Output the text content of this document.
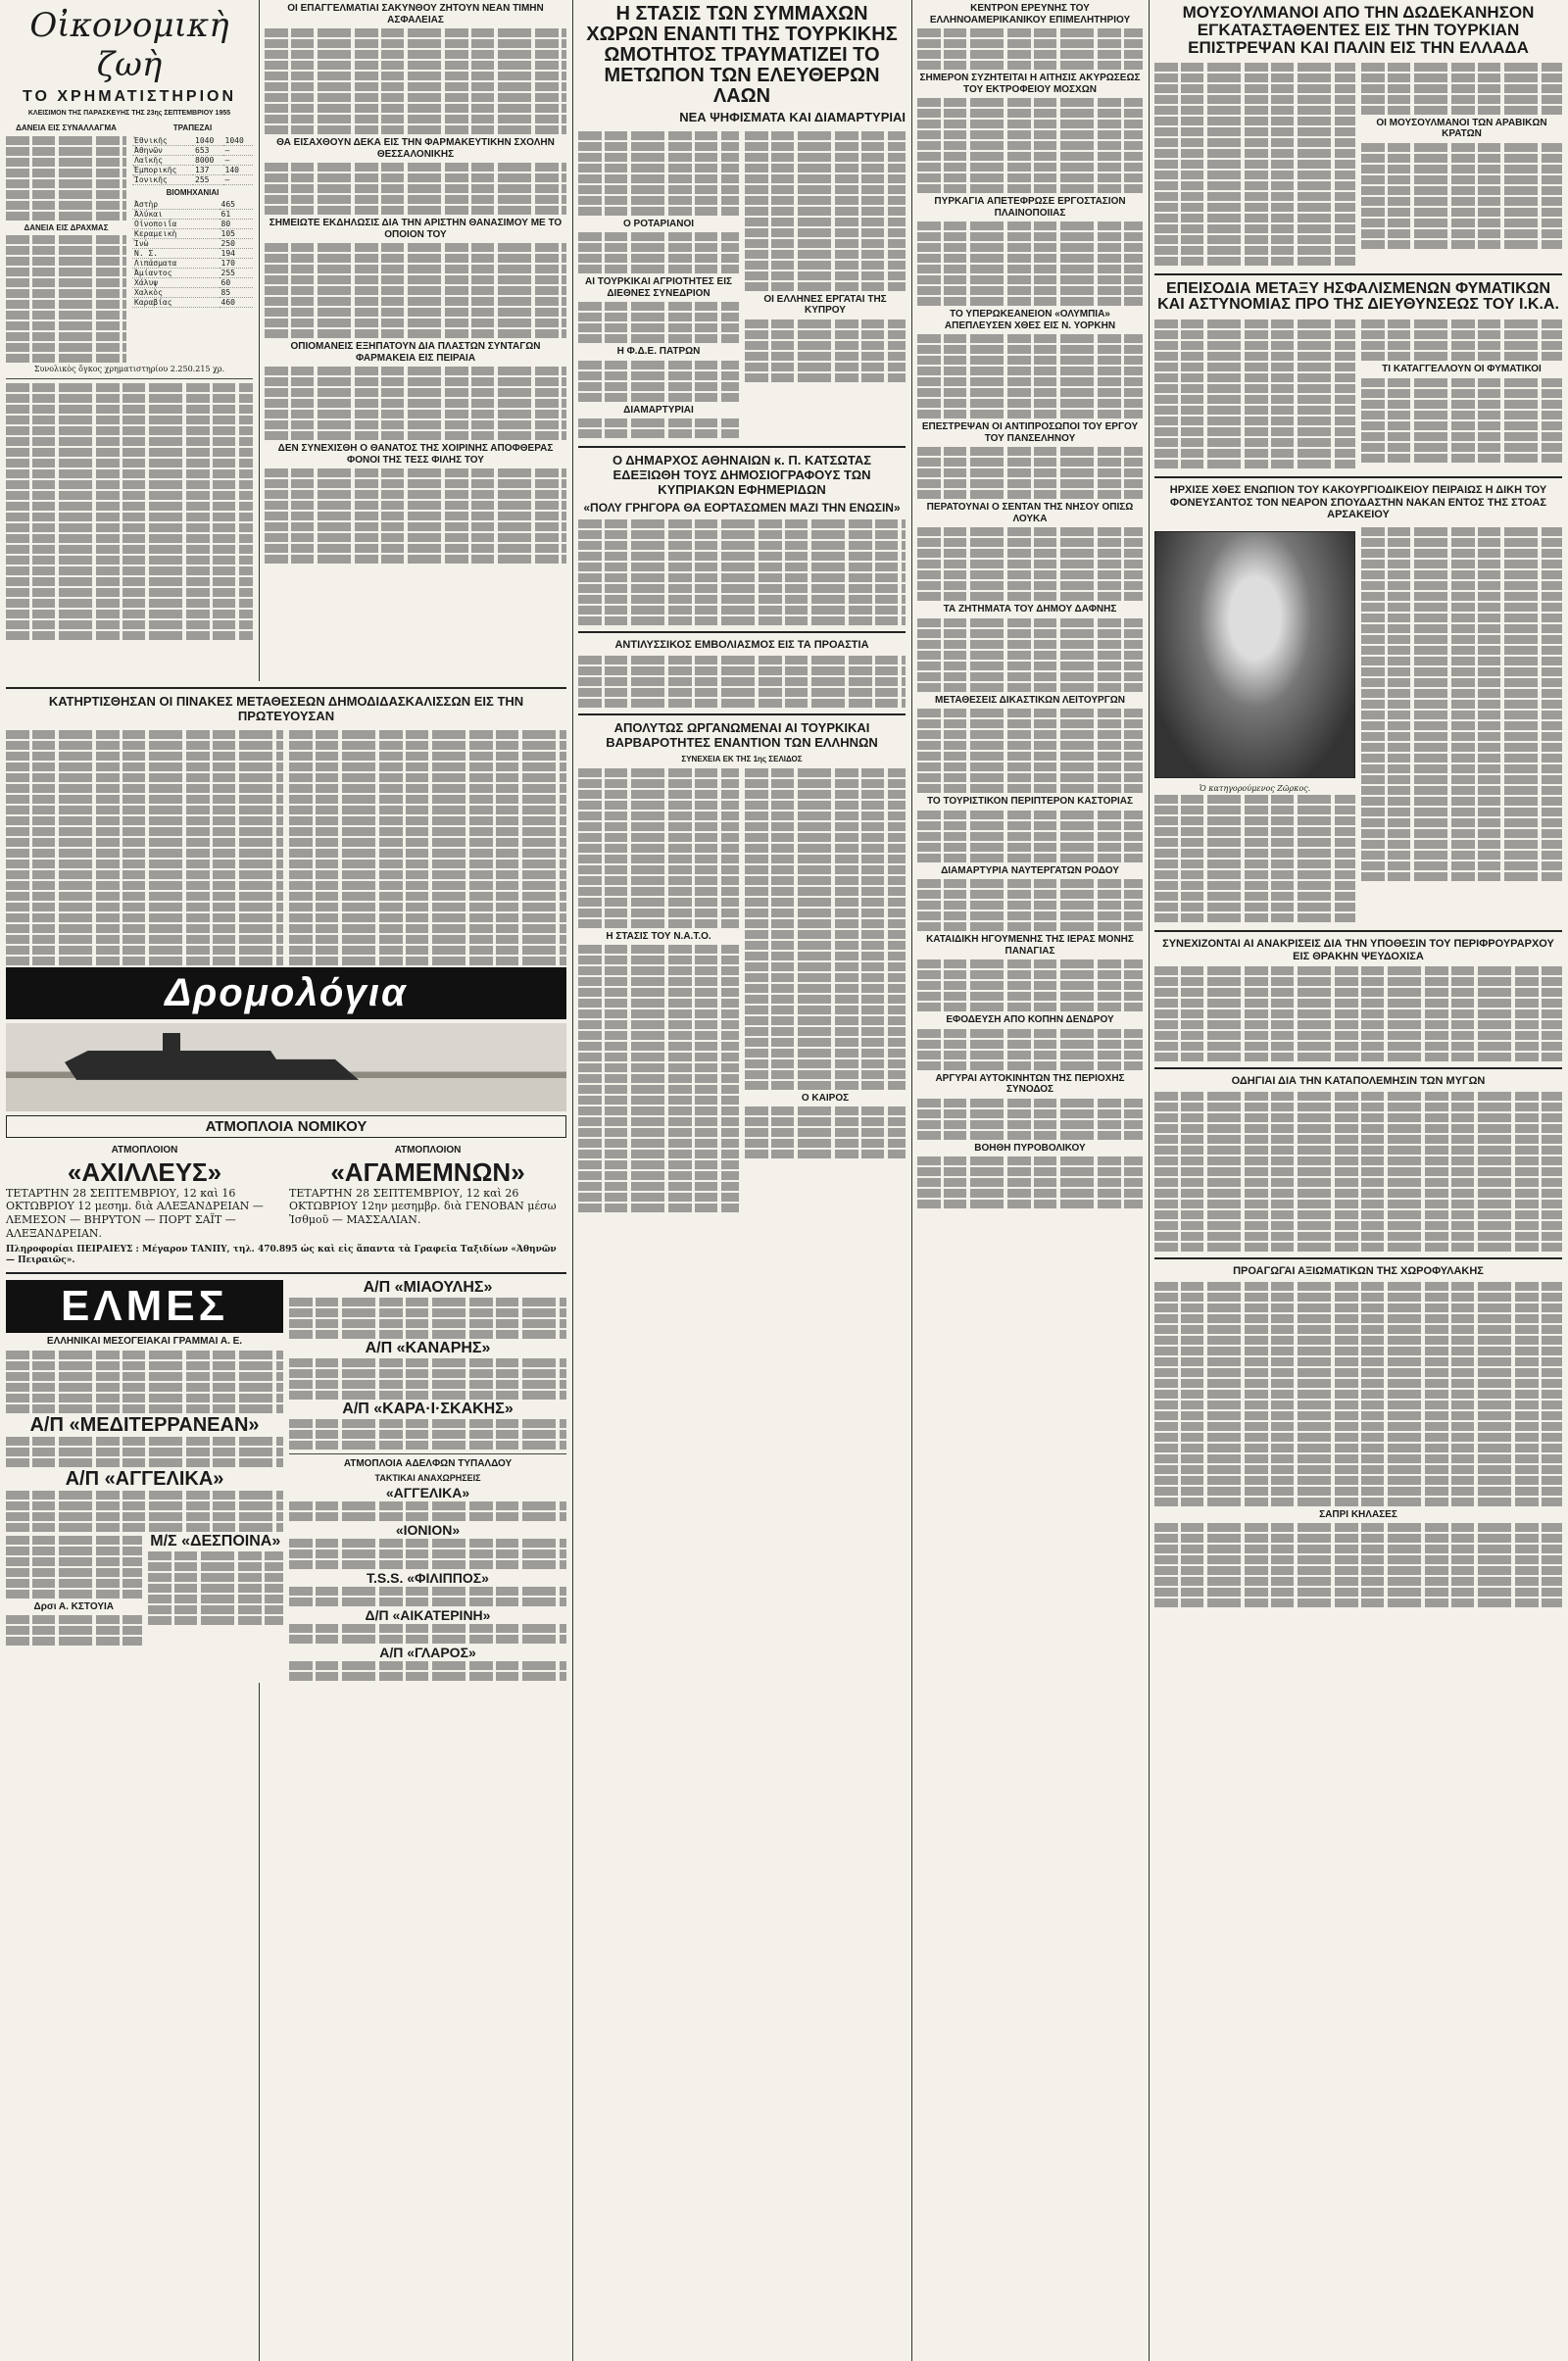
Οἰκονομικὴ ζωὴ
ΤΟ ΧΡΗΜΑΤΙΣΤΗΡΙΟΝ
ΚΛΕΙΣΙΜΟΝ ΤΗΣ ΠΑΡΑΣΚΕΥΗΣ ΤΗΣ 23ης ΣΕΠΤΕΜΒΡΙΟΥ 1955
ΔΑΝΕΙΑ ΕΙΣ ΣΥΝΑΛΛΑΓΜΑ
ΔΑΝΕΙΑ ΕΙΣ ΔΡΑΧΜΑΣ
ΤΡΑΠΕΖΑΙ
Ἐθνικῆς	1040	1040
Ἀθηνῶν	653	—
Λαϊκῆς	8000	—
Ἐμπορικῆς	137	140
Ἰονικῆς	255	—
ΒΙΟΜΗΧΑΝΙΑΙ
Ἀστὴρ	465
Ἀλύκαι	61
Οἰνοποιΐα	80
Κεραμεικὴ	105
Ἰνὼ	250
Ν. Σ.	194
Λιπάσματα	170
Ἀμίαντος	255
Χάλυψ	60
Χαλκὸς	85
Καραβίας	460
Συνολικὸς ὄγκος χρηματιστηρίου 2.250.215 χρ.
ΟΙ ΕΠΑΓΓΕΛΜΑΤΙΑΙ ΣΑΚΥΝΘΟΥ ΖΗΤΟΥΝ ΝΕΑΝ ΤΙΜΗΝ ΑΣΦΑΛΕΙΑΣ
ΘΑ ΕΙΣΑΧΘΟΥΝ ΔΕΚΑ ΕΙΣ ΤΗΝ ΦΑΡΜΑΚΕΥΤΙΚΗΝ ΣΧΟΛΗΝ ΘΕΣΣΑΛΟΝΙΚΗΣ
ΣΗΜΕΙΩΤΕ ΕΚΔΗΛΩΣΙΣ ΔΙΑ ΤΗΝ ΑΡΙΣΤΗΝ ΘΑΝΑΣΙΜΟΥ ΜΕ ΤΟ ΟΠΟΙΟΝ ΤΟΥ
ΟΠΙΟΜΑΝΕΙΣ ΕΞΗΠΑΤΟΥΝ ΔΙΑ ΠΛΑΣΤΩΝ ΣΥΝΤΑΓΩΝ ΦΑΡΜΑΚΕΙΑ ΕΙΣ ΠΕΙΡΑΙΑ
ΔΕΝ ΣΥΝΕΧΙΣΘΗ Ο ΘΑΝΑΤΟΣ ΤΗΣ ΧΟΙΡΙΝΗΣ ΑΠΟΦΘΕΡΑΣ ΦΟΝΟΙ ΤΗΣ ΤΕΣΣ ΦΙΛΗΣ ΤΟΥ
ΚΑΤΗΡΤΙΣΘΗΣΑΝ ΟΙ ΠΙΝΑΚΕΣ ΜΕΤΑΘΕΣΕΩΝ ΔΗΜΟΔΙΔΑΣΚΑΛΙΣΣΩΝ ΕΙΣ ΤΗΝ ΠΡΩΤΕΥΟΥΣΑΝ
Δρομολόγια
ΑΤΜΟΠΛΟΙΑ ΝΟΜΙΚΟΥ
ΑΤΜΟΠΛΟΙΟΝ
«ΑΧΙΛΛΕΥΣ»
ΤΕΤΑΡΤΗΝ 28 ΣΕΠΤΕΜΒΡΙΟΥ, 12 καὶ 16 ΟΚΤΩΒΡΙΟΥ 12 μεσημ. διὰ ΑΛΕΞΑΝΔΡΕΙΑΝ — ΛΕΜΕΣΟΝ — ΒΗΡΥΤΟΝ — ΠΟΡΤ ΣΑΪΤ — ΑΛΕΞΑΝΔΡΕΙΑΝ.
ΑΤΜΟΠΛΟΙΟΝ
«ΑΓΑΜΕΜΝΩΝ»
ΤΕΤΑΡΤΗΝ 28 ΣΕΠΤΕΜΒΡΙΟΥ, 12 καὶ 26 ΟΚΤΩΒΡΙΟΥ 12ην μεσημβρ. διὰ ΓΕΝΟΒΑΝ μέσω Ἰσθμοῦ — ΜΑΣΣΑΛΙΑΝ.
Πληροφορίαι ΠΕΙΡΑΙΕΥΣ : Μέγαρον ΤΑΝΠΥ, τηλ. 470.895 ὡς καὶ εἰς ἅπαντα τὰ Γραφεῖα Ταξιδίων «Ἀθηνῶν — Πειραιῶς».
ΕΛΜΕΣ
ΕΛΛΗΝΙΚΑΙ ΜΕΣΟΓΕΙΑΚΑΙ ΓΡΑΜΜΑΙ Α. Ε.
Α/Π «ΜΕΔΙΤΕΡΡΑΝΕΑΝ»
Α/Π «ΑΓΓΕΛΙΚΑ»
Δρσι Α. ΚΣΤΟΥΙΑ
Μ/Σ «ΔΕΣΠΟΙΝΑ»
Α/Π «ΜΙΑΟΥΛΗΣ»
Α/Π «ΚΑΝΑΡΗΣ»
Α/Π «ΚΑΡΑ·Ι·ΣΚΑΚΗΣ»
ΑΤΜΟΠΛΟΙΑ ΑΔΕΛΦΩΝ ΤΥΠΑΛΔΟΥ
ΤΑΚΤΙΚΑΙ ΑΝΑΧΩΡΗΣΕΙΣ
«ΑΓΓΕΛΙΚΑ»
«ΙΟΝΙΟΝ»
T.S.S. «ΦΙΛΙΠΠΟΣ»
Δ/Π «ΑΙΚΑΤΕΡΙΝΗ»
Α/Π «ΓΛΑΡΟΣ»
Η ΣΤΑΣΙΣ ΤΩΝ ΣΥΜΜΑΧΩΝ ΧΩΡΩΝ ΕΝΑΝΤΙ ΤΗΣ ΤΟΥΡΚΙΚΗΣ ΩΜΟΤΗΤΟΣ ΤΡΑΥΜΑΤΙΖΕΙ ΤΟ ΜΕΤΩΠΟΝ ΤΩΝ ΕΛΕΥΘΕΡΩΝ ΛΑΩΝ
ΝΕΑ ΨΗΦΙΣΜΑΤΑ ΚΑΙ ΔΙΑΜΑΡΤΥΡΙΑΙ
Ο ΡΟΤΑΡΙΑΝΟΙ
ΑΙ ΤΟΥΡΚΙΚΑΙ ΑΓΡΙΟΤΗΤΕΣ ΕΙΣ ΔΙΕΘΝΕΣ ΣΥΝΕΔΡΙΟΝ
Η Φ.Δ.Ε. ΠΑΤΡΩΝ
ΔΙΑΜΑΡΤΥΡΙΑΙ
ΟΙ ΕΛΛΗΝΕΣ ΕΡΓΑΤΑΙ ΤΗΣ ΚΥΠΡΟΥ
Ο ΔΗΜΑΡΧΟΣ ΑΘΗΝΑΙΩΝ κ. Π. ΚΑΤΣΩΤΑΣ ΕΔΕΞΙΩΘΗ ΤΟΥΣ ΔΗΜΟΣΙΟΓΡΑΦΟΥΣ ΤΩΝ ΚΥΠΡΙΑΚΩΝ ΕΦΗΜΕΡΙΔΩΝ
«ΠΟΛΥ ΓΡΗΓΟΡΑ ΘΑ ΕΟΡΤΑΣΩΜΕΝ ΜΑΖΙ ΤΗΝ ΕΝΩΣΙΝ»
ΑΝΤΙΛΥΣΣΙΚΟΣ ΕΜΒΟΛΙΑΣΜΟΣ ΕΙΣ ΤΑ ΠΡΟΑΣΤΙΑ
ΑΠΟΛΥΤΩΣ ΩΡΓΑΝΩΜΕΝΑΙ ΑΙ ΤΟΥΡΚΙΚΑΙ ΒΑΡΒΑΡΟΤΗΤΕΣ ΕΝΑΝΤΙΟΝ ΤΩΝ ΕΛΛΗΝΩΝ
ΣΥΝΕΧΕΙΑ ΕΚ ΤΗΣ 1ης ΣΕΛΙΔΟΣ
Η ΣΤΑΣΙΣ ΤΟΥ Ν.Α.Τ.Ο.
Ο ΚΑΙΡΟΣ
ΚΕΝΤΡΟΝ ΕΡΕΥΝΗΣ ΤΟΥ ΕΛΛΗΝΟΑΜΕΡΙΚΑΝΙΚΟΥ ΕΠΙΜΕΛΗΤΗΡΙΟΥ
ΣΗΜΕΡΟΝ ΣΥΖΗΤΕΙΤΑΙ Η ΑΙΤΗΣΙΣ ΑΚΥΡΩΣΕΩΣ ΤΟΥ ΕΚΤΡΟΦΕΙΟΥ ΜΟΣΧΩΝ
ΠΥΡΚΑΓΙΑ ΑΠΕΤΕΦΡΩΣΕ ΕΡΓΟΣΤΑΣΙΟΝ ΠΛΑΙΝΟΠΟΙΙΑΣ
ΤΟ ΥΠΕΡΩΚΕΑΝΕΙΟΝ «ΟΛΥΜΠΙΑ» ΑΠΕΠΛΕΥΣΕΝ ΧΘΕΣ ΕΙΣ Ν. ΥΟΡΚΗΝ
ΕΠΕΣΤΡΕΨΑΝ ΟΙ ΑΝΤΙΠΡΟΣΩΠΟΙ ΤΟΥ ΕΡΓΟΥ ΤΟΥ ΠΑΝΣΕΛΗΝΟΥ
ΠΕΡΑΤΟΥΝΑΙ Ο ΣΕΝΤΑΝ ΤΗΣ ΝΗΣΟΥ ΟΠΙΣΩ ΛΟΥΚΑ
ΤΑ ΖΗΤΗΜΑΤΑ ΤΟΥ ΔΗΜΟΥ ΔΑΦΝΗΣ
ΜΕΤΑΘΕΣΕΙΣ ΔΙΚΑΣΤΙΚΩΝ ΛΕΙΤΟΥΡΓΩΝ
ΤΟ ΤΟΥΡΙΣΤΙΚΟΝ ΠΕΡΙΠΤΕΡΟΝ ΚΑΣΤΟΡΙΑΣ
ΔΙΑΜΑΡΤΥΡΙΑ ΝΑΥΤΕΡΓΑΤΩΝ ΡΟΔΟΥ
ΚΑΤΑΙΔΙΚΗ ΗΓΟΥΜΕΝΗΣ ΤΗΣ ΙΕΡΑΣ ΜΟΝΗΣ ΠΑΝΑΓΙΑΣ
ΕΦΟΔΕΥΣΗ ΑΠΟ ΚΟΠΗΝ ΔΕΝΔΡΟΥ
ΑΡΓΥΡΑΙ ΑΥΤΟΚΙΝΗΤΩΝ ΤΗΣ ΠΕΡΙΟΧΗΣ ΣΥΝΟΔΟΣ
ΒΟΗΘΗ ΠΥΡΟΒΟΛΙΚΟΥ
ΜΟΥΣΟΥΛΜΑΝΟΙ ΑΠΟ ΤΗΝ ΔΩΔΕΚΑΝΗΣΟΝ ΕΓΚΑΤΑΣΤΑΘΕΝΤΕΣ ΕΙΣ ΤΗΝ ΤΟΥΡΚΙΑΝ ΕΠΙΣΤΡΕΨΑΝ ΚΑΙ ΠΑΛΙΝ ΕΙΣ ΤΗΝ ΕΛΛΑΔΑ
ΟΙ ΜΟΥΣΟΥΛΜΑΝΟΙ ΤΩΝ ΑΡΑΒΙΚΩΝ ΚΡΑΤΩΝ
ΕΠΕΙΣΟΔΙΑ ΜΕΤΑΞΥ ΗΣΦΑΛΙΣΜΕΝΩΝ ΦΥΜΑΤΙΚΩΝ ΚΑΙ ΑΣΤΥΝΟΜΙΑΣ ΠΡΟ ΤΗΣ ΔΙΕΥΘΥΝΣΕΩΣ ΤΟΥ Ι.Κ.Α.
ΤΙ ΚΑΤΑΓΓΕΛΛΟΥΝ ΟΙ ΦΥΜΑΤΙΚΟΙ
ΗΡΧΙΣΕ ΧΘΕΣ ΕΝΩΠΙΟΝ ΤΟΥ ΚΑΚΟΥΡΓΙΟΔΙΚΕΙΟΥ ΠΕΙΡΑΙΩΣ Η ΔΙΚΗ ΤΟΥ ΦΟΝΕΥΣΑΝΤΟΣ ΤΟΝ ΝΕΑΡΟΝ ΣΠΟΥΔΑΣΤΗΝ ΝΑΚΑΝ ΕΝΤΟΣ ΤΗΣ ΣΤΟΑΣ ΑΡΣΑΚΕΙΟΥ
Ὁ κατηγορούμενος Ζῶρκος.
ΣΥΝΕΧΙΖΟΝΤΑΙ ΑΙ ΑΝΑΚΡΙΣΕΙΣ ΔΙΑ ΤΗΝ ΥΠΟΘΕΣΙΝ ΤΟΥ ΠΕΡΙΦΡΟΥΡΑΡΧΟΥ ΕΙΣ ΘΡΑΚΗΝ ΨΕΥΔΟΧΙΣΑ
ΟΔΗΓΙΑΙ ΔΙΑ ΤΗΝ ΚΑΤΑΠΟΛΕΜΗΣΙΝ ΤΩΝ ΜΥΓΩΝ
ΠΡΟΑΓΩΓΑΙ ΑΞΙΩΜΑΤΙΚΩΝ ΤΗΣ ΧΩΡΟΦΥΛΑΚΗΣ
ΣΑΠΡΙ ΚΗΛΑΣΕΣ
